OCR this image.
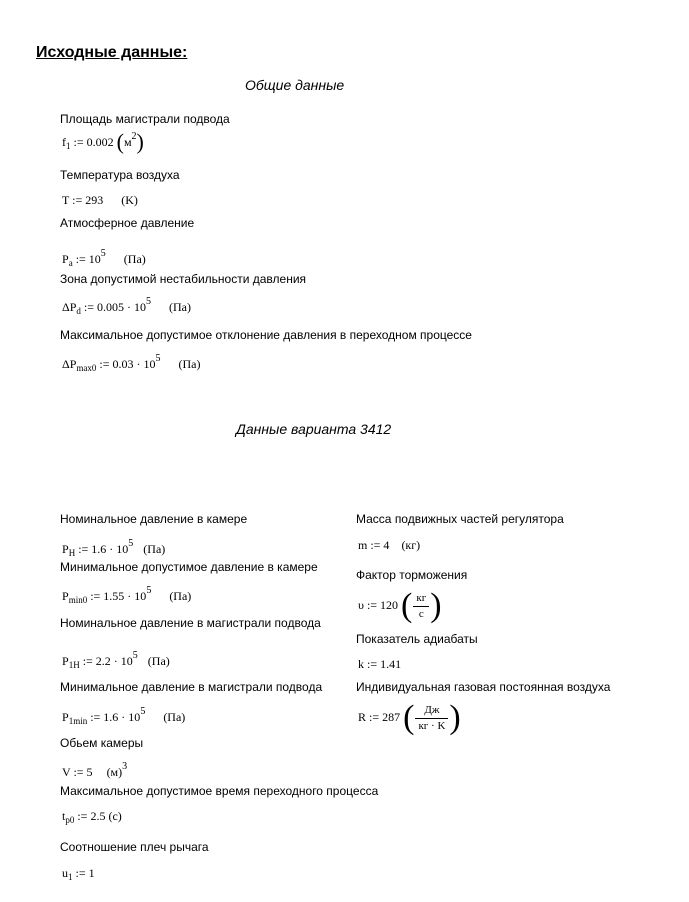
Исходные данные:
Общие данные
Данные варианта 3412
Площадь магистрали подвода
$f_1$ := 0.002 $(м^2)$
Температура воздуха
T := 293 (K)
Атмосферное давление
$P_a$ := $10^5$ (Па)
Зона допустимой нестабильности давления
$\Delta P_d$ := $0.005 \cdot 10^5$ (Па)
Максимальное допустимое отклонение давления в переходном процессе
$\Delta P_{max0}$ := $0.03 \cdot 10^5$ (Па)
Номинальное давление в камере
$P_H$ := $1.6 \cdot 10^5$ (Па)
Минимальное допустимое давление в камере
$P_{min0}$ := $1.55 \cdot 10^5$ (Па)
Номинальное давление в магистрали подвода
$P_{1H}$ := $2.2 \cdot 10^5$ (Па)
Минимальное давление в магистрали подвода
$P_{1min}$ := $1.6 \cdot 10^5$ (Па)
Обьем камеры
V := 5 $(м)^3$
Максимальное допустимое время переходного процесса
$t_{p0}$ := 2.5 (с)
Соотношение плеч рычага
$u_1$ := 1
Масса подвижных частей регулятора
m := 4 (кг)
Фактор торможения
υ := 120 ( $\frac{кг}{с}$ )
Показатель адиабаты
k := 1.41
Индивидуальная газовая постоянная воздуха
R := 287 ( $\frac{Дж}{кг \cdot K}$ )
